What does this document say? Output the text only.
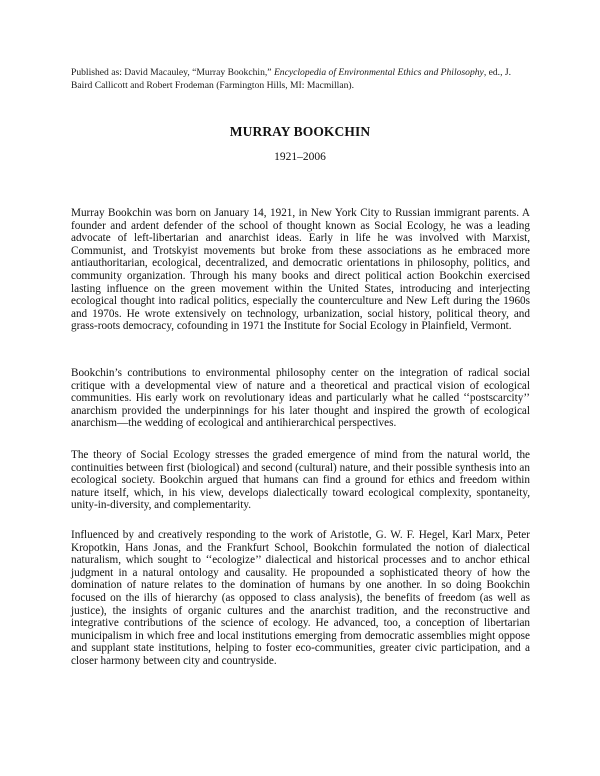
Published as: David Macauley, “Murray Bookchin,” Encyclopedia of Environmental Ethics and Philosophy, ed., J. Baird Callicott and Robert Frodeman (Farmington Hills, MI: Macmillan).
MURRAY BOOKCHIN
1921–2006

Murray Bookchin was born on January 14, 1921, in New York City to Russian immigrant parents. A founder and ardent defender of the school of thought known as Social Ecology, he was a leading advocate of left-libertarian and anarchist ideas. Early in life he was involved with Marxist, Communist, and Trotskyist movements but broke from these associations as he embraced more antiauthoritarian, ecological, decentralized, and democratic orientations in philosophy, politics, and community organization. Through his many books and direct political action Bookchin exercised lasting influence on the green movement within the United States, introducing and interjecting ecological thought into radical politics, especially the counterculture and New Left during the 1960s and 1970s. He wrote extensively on technology, urbanization, social history, political theory, and grass-roots democracy, cofounding in 1971 the Institute for Social Ecology in Plainfield, Vermont.

Bookchin’s contributions to environmental philosophy center on the integration of radical social critique with a developmental view of nature and a theoretical and practical vision of ecological communities. His early work on revolutionary ideas and particularly what he called ‘‘postscarcity’’ anarchism provided the underpinnings for his later thought and inspired the growth of ecological anarchism—the wedding of ecological and antihierarchical perspectives.

The theory of Social Ecology stresses the graded emergence of mind from the natural world, the continuities between first (biological) and second (cultural) nature, and their possible synthesis into an ecological society. Bookchin argued that humans can find a ground for ethics and freedom within nature itself, which, in his view, develops dialectically toward ecological complexity, spontaneity, unity-in-diversity, and complementarity.

Influenced by and creatively responding to the work of Aristotle, G. W. F. Hegel, Karl Marx, Peter Kropotkin, Hans Jonas, and the Frankfurt School, Bookchin formulated the notion of dialectical naturalism, which sought to ‘‘ecologize’’ dialectical and historical processes and to anchor ethical judgment in a natural ontology and causality. He propounded a sophisticated theory of how the domination of nature relates to the domination of humans by one another. In so doing Bookchin focused on the ills of hierarchy (as opposed to class analysis), the benefits of freedom (as well as justice), the insights of organic cultures and the anarchist tradition, and the reconstructive and integrative contributions of the science of ecology. He advanced, too, a conception of libertarian municipalism in which free and local institutions emerging from democratic assemblies might oppose and supplant state institutions, helping to foster eco-communities, greater civic participation, and a closer harmony between city and countryside.
